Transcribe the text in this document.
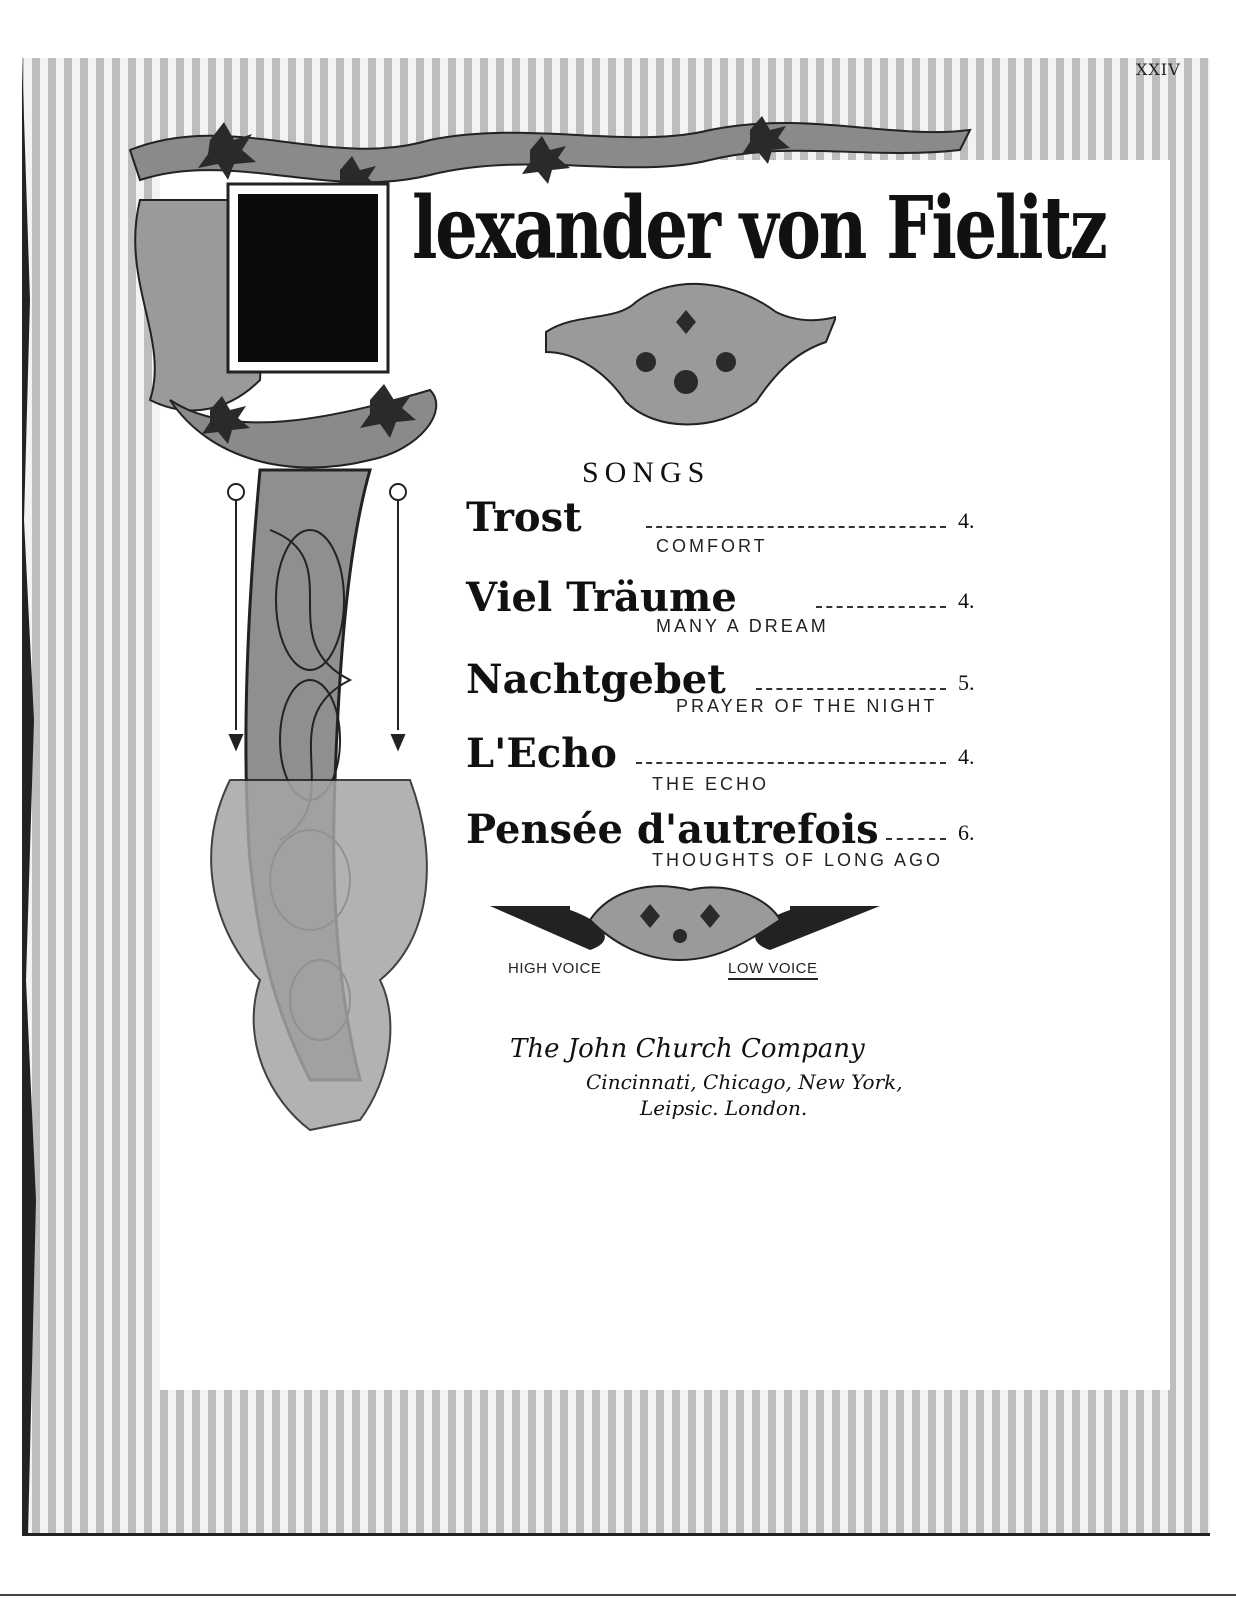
XXIV
lexander von Fielitz
SONGS
Trost	4.
COMFORT
Viel Träume	4.
MANY A DREAM
Nachtgebet	5.
PRAYER OF THE NIGHT
L'Echo	4.
THE ECHO
Pensée d'autrefois	6.
THOUGHTS OF LONG AGO
HIGH VOICE	LOW VOICE
The John Church Company
Cincinnati, Chicago, New York,
Leipsic. London.
